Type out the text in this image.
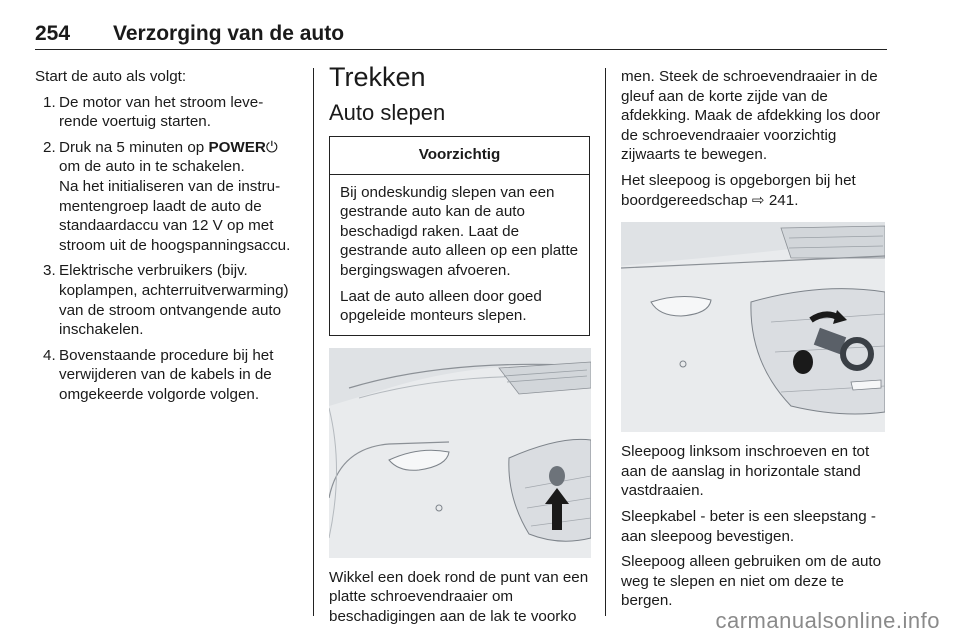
254 Verzorging van de auto

Start de auto als volgt:

1. De motor van het stroom leverende voertuig starten.

2. Druk na 5 minuten op POWER⏻ om de auto in te schakelen.

Na het initialiseren van de instrumentengroep laadt de auto de standaardaccu van 12 V op met stroom uit de hoogspanningsaccu.

3. Elektrische verbruikers (bijv. koplampen, achterruitverwarming) van de stroom ontvangende auto inschakelen.

4. Bovenstaande procedure bij het verwijderen van de kabels in de omgekeerde volgorde volgen.

Trekken
Auto slepen
Voorzichtig

Bij ondeskundig slepen van een gestrande auto kan de auto beschadigd raken. Laat de gestrande auto alleen op een platte bergingswagen afvoeren.

Laat de auto alleen door goed opgeleide monteurs slepen.

Wikkel een doek rond de punt van een platte schroevendraaier om beschadigingen aan de lak te voorko

men. Steek de schroevendraaier in de gleuf aan de korte zijde van de afdekking. Maak de afdekking los door de schroevendraaier voorzichtig zijwaarts te bewegen.

Het sleepoog is opgeborgen bij het boordgereedschap ⇨ 241.

Sleepoog linksom inschroeven en tot aan de aanslag in horizontale stand vastdraaien.

Sleepkabel - beter is een sleepstang - aan sleepoog bevestigen.

Sleepoog alleen gebruiken om de auto weg te slepen en niet om deze te bergen.

carmanualsonline.info
